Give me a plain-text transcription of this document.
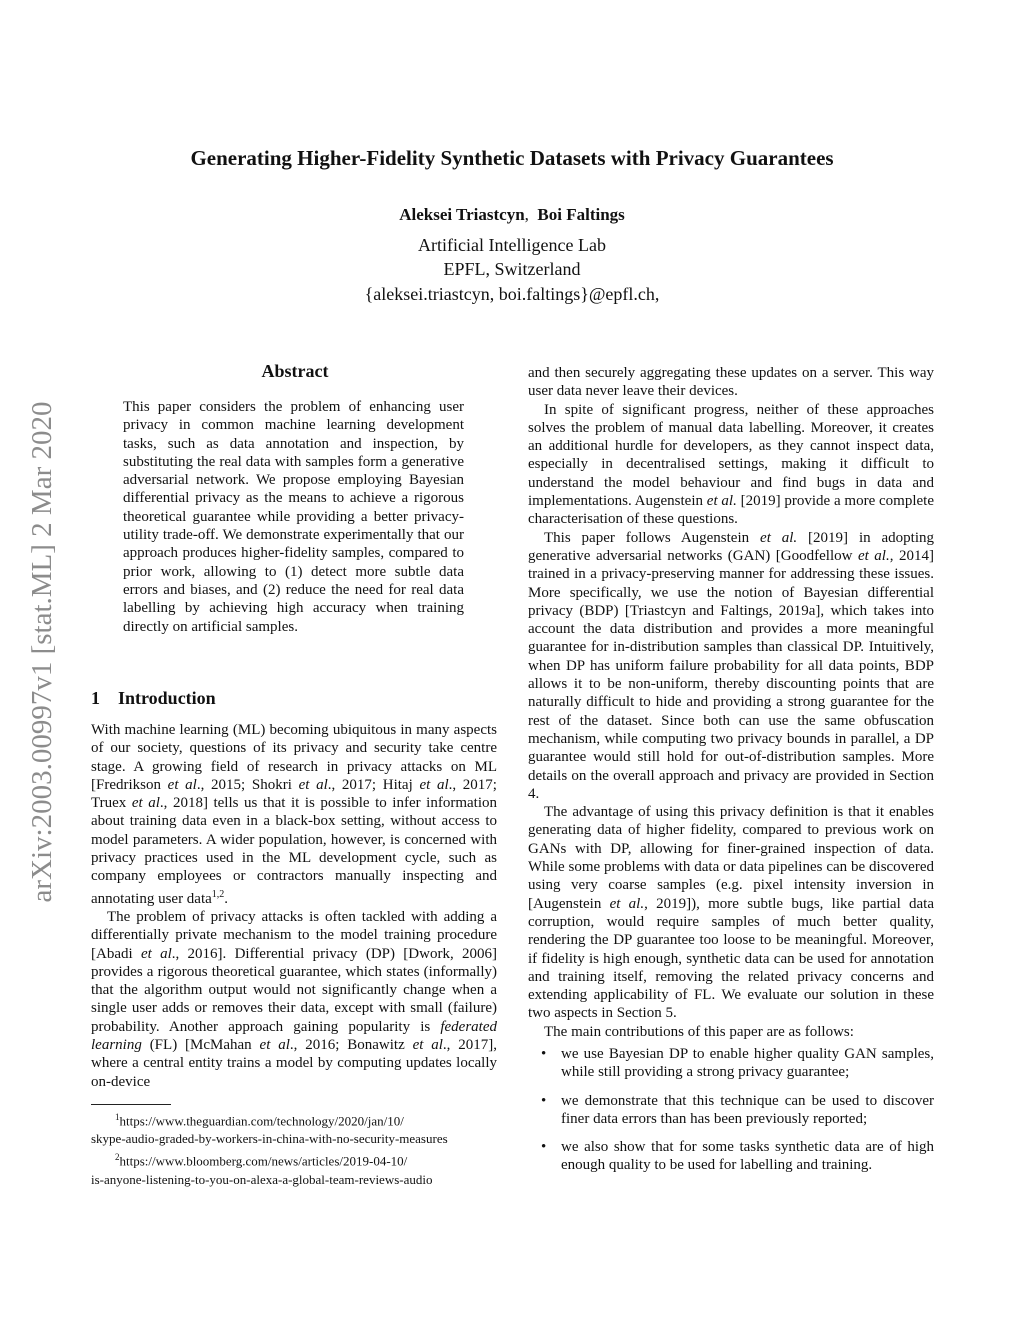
Generating Higher-Fidelity Synthetic Datasets with Privacy Guarantees
Aleksei Triastcyn, Boi Faltings
Artificial Intelligence Lab
EPFL, Switzerland
{aleksei.triastcyn, boi.faltings}@epfl.ch,
arXiv:2003.00997v1 [stat.ML] 2 Mar 2020
Abstract
This paper considers the problem of enhancing user privacy in common machine learning development tasks, such as data annotation and inspection, by substituting the real data with samples form a generative adversarial network. We propose employing Bayesian differential privacy as the means to achieve a rigorous theoretical guarantee while providing a better privacy-utility trade-off. We demonstrate experimentally that our approach produces higher-fidelity samples, compared to prior work, allowing to (1) detect more subtle data errors and biases, and (2) reduce the need for real data labelling by achieving high accuracy when training directly on artificial samples.
1 Introduction

With machine learning (ML) becoming ubiquitous in many aspects of our society, questions of its privacy and security take centre stage. A growing field of research in privacy attacks on ML [Fredrikson et al., 2015; Shokri et al., 2017; Hitaj et al., 2017; Truex et al., 2018] tells us that it is possible to infer information about training data even in a black-box setting, without access to model parameters. A wider population, however, is concerned with privacy practices used in the ML development cycle, such as company employees or contractors manually inspecting and annotating user data$^{1,2}$.

The problem of privacy attacks is often tackled with adding a differentially private mechanism to the model training procedure [Abadi et al., 2016]. Differential privacy (DP) [Dwork, 2006] provides a rigorous theoretical guarantee, which states (informally) that the algorithm output would not significantly change when a single user adds or removes their data, except with small (failure) probability. Another approach gaining popularity is federated learning (FL) [McMahan et al., 2016; Bonawitz et al., 2017], where a central entity trains a model by computing updates locally on-device

$^1$https://www.theguardian.com/technology/2020/jan/10/
skype-audio-graded-by-workers-in-china-with-no-security-measures
$^2$https://www.bloomberg.com/news/articles/2019-04-10/
is-anyone-listening-to-you-on-alexa-a-global-team-reviews-audio

and then securely aggregating these updates on a server. This way user data never leave their devices.

In spite of significant progress, neither of these approaches solves the problem of manual data labelling. Moreover, it creates an additional hurdle for developers, as they cannot inspect data, especially in decentralised settings, making it difficult to understand the model behaviour and find bugs in data and implementations. Augenstein et al. [2019] provide a more complete characterisation of these questions.

This paper follows Augenstein et al. [2019] in adopting generative adversarial networks (GAN) [Goodfellow et al., 2014] trained in a privacy-preserving manner for addressing these issues. More specifically, we use the notion of Bayesian differential privacy (BDP) [Triastcyn and Faltings, 2019a], which takes into account the data distribution and provides a more meaningful guarantee for in-distribution samples than classical DP. Intuitively, when DP has uniform failure probability for all data points, BDP allows it to be non-uniform, thereby discounting points that are naturally difficult to hide and providing a strong guarantee for the rest of the dataset. Since both can use the same obfuscation mechanism, while computing two privacy bounds in parallel, a DP guarantee would still hold for out-of-distribution samples. More details on the overall approach and privacy are provided in Section 4.

The advantage of using this privacy definition is that it enables generating data of higher fidelity, compared to previous work on GANs with DP, allowing for finer-grained inspection of data. While some problems with data or data pipelines can be discovered using very coarse samples (e.g. pixel intensity inversion in [Augenstein et al., 2019]), more subtle bugs, like partial data corruption, would require samples of much better quality, rendering the DP guarantee too loose to be meaningful. Moreover, if fidelity is high enough, synthetic data can be used for annotation and training itself, removing the related privacy concerns and extending applicability of FL. We evaluate our solution in these two aspects in Section 5.

The main contributions of this paper are as follows:

• we use Bayesian DP to enable higher quality GAN samples, while still providing a strong privacy guarantee;
• we demonstrate that this technique can be used to discover finer data errors than has been previously reported;
• we also show that for some tasks synthetic data are of high enough quality to be used for labelling and training.
